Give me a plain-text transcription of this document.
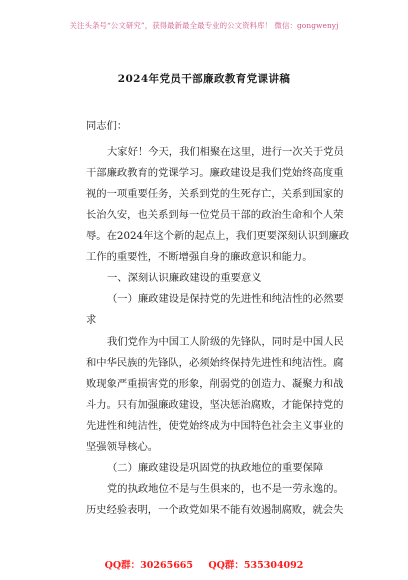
关注头条号“公文研究”，获得最新最全最专业的公文资料库！ 微信：gongwenyj
2024年党员干部廉政教育党课讲稿
同志们：
大家好！今天，我们相聚在这里，进行一次关于党员
干部廉政教育的党课学习。廉政建设是我们党始终高度重
视的一项重要任务，关系到党的生死存亡，关系到国家的
长治久安，也关系到每一位党员干部的政治生命和个人荣
辱。在2024年这个新的起点上，我们更要深刻认识到廉政
工作的重要性，不断增强自身的廉政意识和能力。
一、深刻认识廉政建设的重要意义
（一）廉政建设是保持党的先进性和纯洁性的必然要
求
我们党作为中国工人阶级的先锋队，同时是中国人民
和中华民族的先锋队，必须始终保持先进性和纯洁性。腐
败现象严重损害党的形象，削弱党的创造力、凝聚力和战
斗力。只有加强廉政建设，坚决惩治腐败，才能保持党的
先进性和纯洁性，使党始终成为中国特色社会主义事业的
坚强领导核心。
（二）廉政建设是巩固党的执政地位的重要保障
党的执政地位不是与生俱来的，也不是一劳永逸的。
历史经验表明，一个政党如果不能有效遏制腐败，就会失
QQ群：30265665 QQ群：535304092
